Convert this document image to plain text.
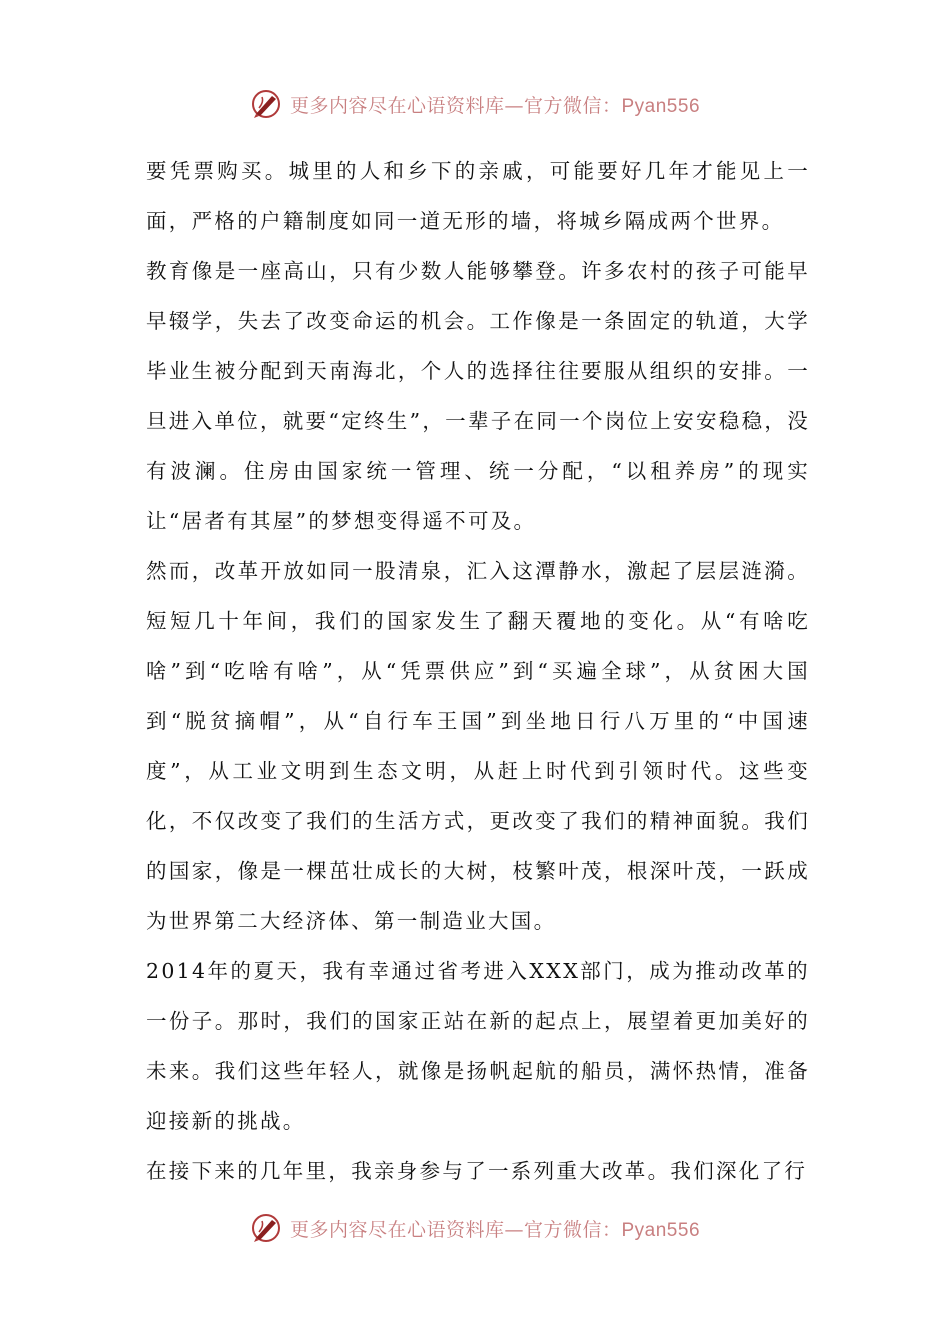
更多内容尽在心语资料库—官方微信：Pyan556

要凭票购买。城里的人和乡下的亲戚，可能要好几年才能见上一面，严格的户籍制度如同一道无形的墙，将城乡隔成两个世界。

教育像是一座高山，只有少数人能够攀登。许多农村的孩子可能早早辍学，失去了改变命运的机会。工作像是一条固定的轨道，大学毕业生被分配到天南海北，个人的选择往往要服从组织的安排。一旦进入单位，就要“定终生”，一辈子在同一个岗位上安安稳稳，没有波澜。住房由国家统一管理、统一分配，“以租养房”的现实让“居者有其屋”的梦想变得遥不可及。

然而，改革开放如同一股清泉，汇入这潭静水，激起了层层涟漪。短短几十年间，我们的国家发生了翻天覆地的变化。从“有啥吃啥”到“吃啥有啥”，从“凭票供应”到“买遍全球”，从贫困大国到“脱贫摘帽”，从“自行车王国”到坐地日行八万里的“中国速度”，从工业文明到生态文明，从赶上时代到引领时代。这些变化，不仅改变了我们的生活方式，更改变了我们的精神面貌。我们的国家，像是一棵茁壮成长的大树，枝繁叶茂，根深叶茂，一跃成为世界第二大经济体、第一制造业大国。

2014年的夏天，我有幸通过省考进入XXX部门，成为推动改革的一份子。那时，我们的国家正站在新的起点上，展望着更加美好的未来。我们这些年轻人，就像是扬帆起航的船员，满怀热情，准备迎接新的挑战。

在接下来的几年里，我亲身参与了一系列重大改革。我们深化了行

更多内容尽在心语资料库—官方微信：Pyan556
